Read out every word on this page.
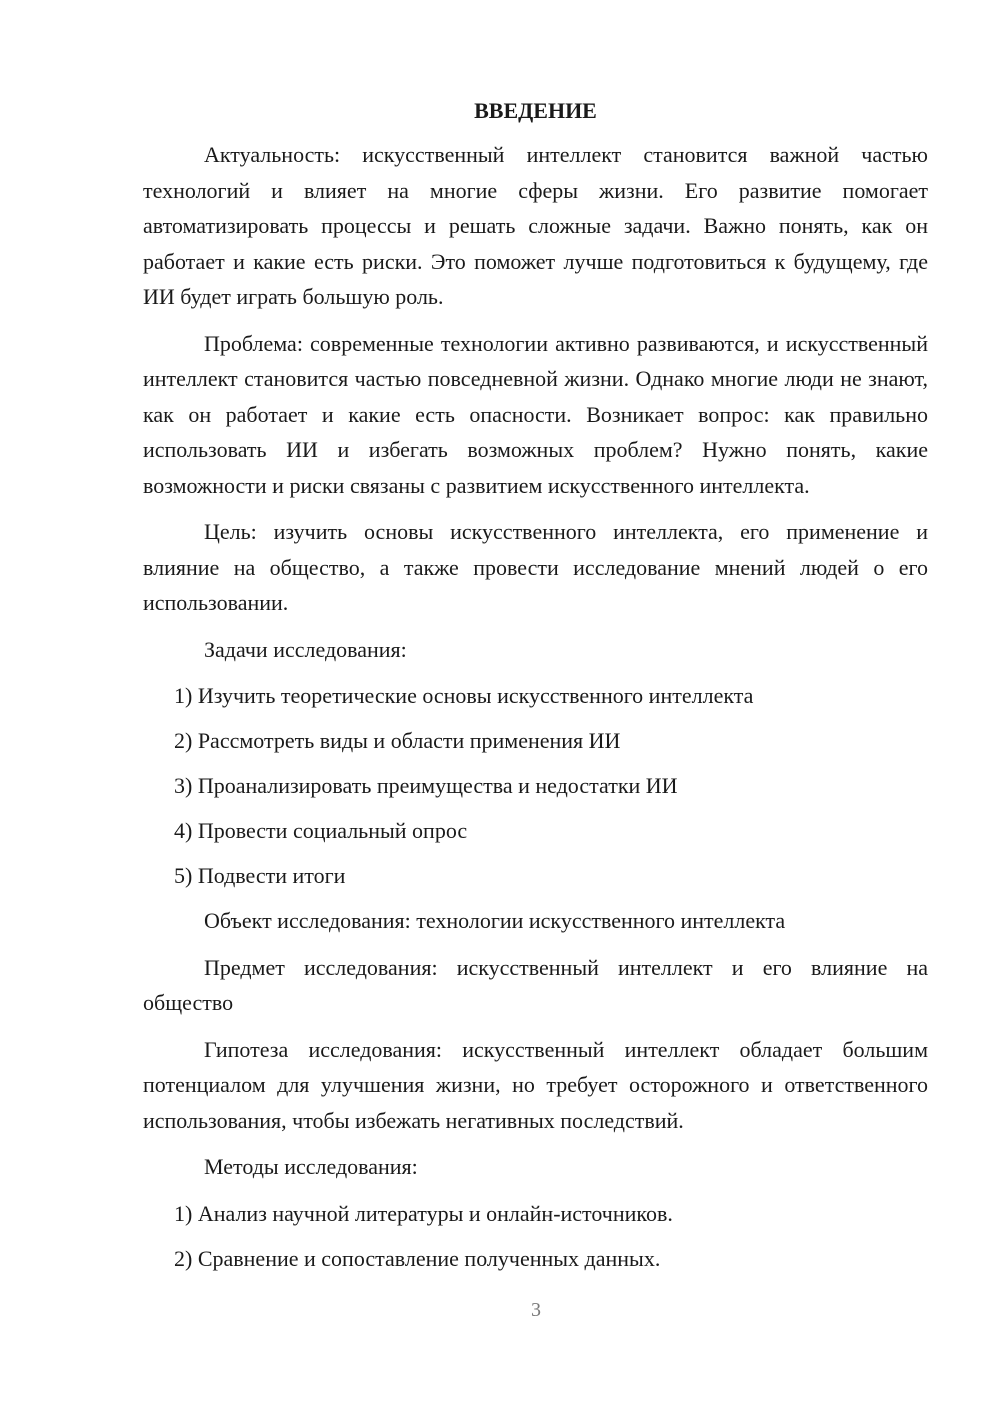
ВВЕДЕНИЕ

Актуальность: искусственный интеллект становится важной частью технологий и влияет на многие сферы жизни. Его развитие помогает автоматизировать процессы и решать сложные задачи. Важно понять, как он работает и какие есть риски. Это поможет лучше подготовиться к будущему, где ИИ будет играть большую роль.

Проблема: современные технологии активно развиваются, и искусственный интеллект становится частью повседневной жизни. Однако многие люди не знают, как он работает и какие есть опасности. Возникает вопрос: как правильно использовать ИИ и избегать возможных проблем? Нужно понять, какие возможности и риски связаны с развитием искусственного интеллекта.

Цель: изучить основы искусственного интеллекта, его применение и влияние на общество, а также провести исследование мнений людей о его использовании.

Задачи исследования:

1) Изучить теоретические основы искусственного интеллекта
2) Рассмотреть виды и области применения ИИ
3) Проанализировать преимущества и недостатки ИИ
4) Провести социальный опрос
5) Подвести итоги

Объект исследования: технологии искусственного интеллекта

Предмет исследования: искусственный интеллект и его влияние на общество

Гипотеза исследования: искусственный интеллект обладает большим потенциалом для улучшения жизни, но требует осторожного и ответственного использования, чтобы избежать негативных последствий.

Методы исследования:

1) Анализ научной литературы и онлайн-источников.
2) Сравнение и сопоставление полученных данных.
3
